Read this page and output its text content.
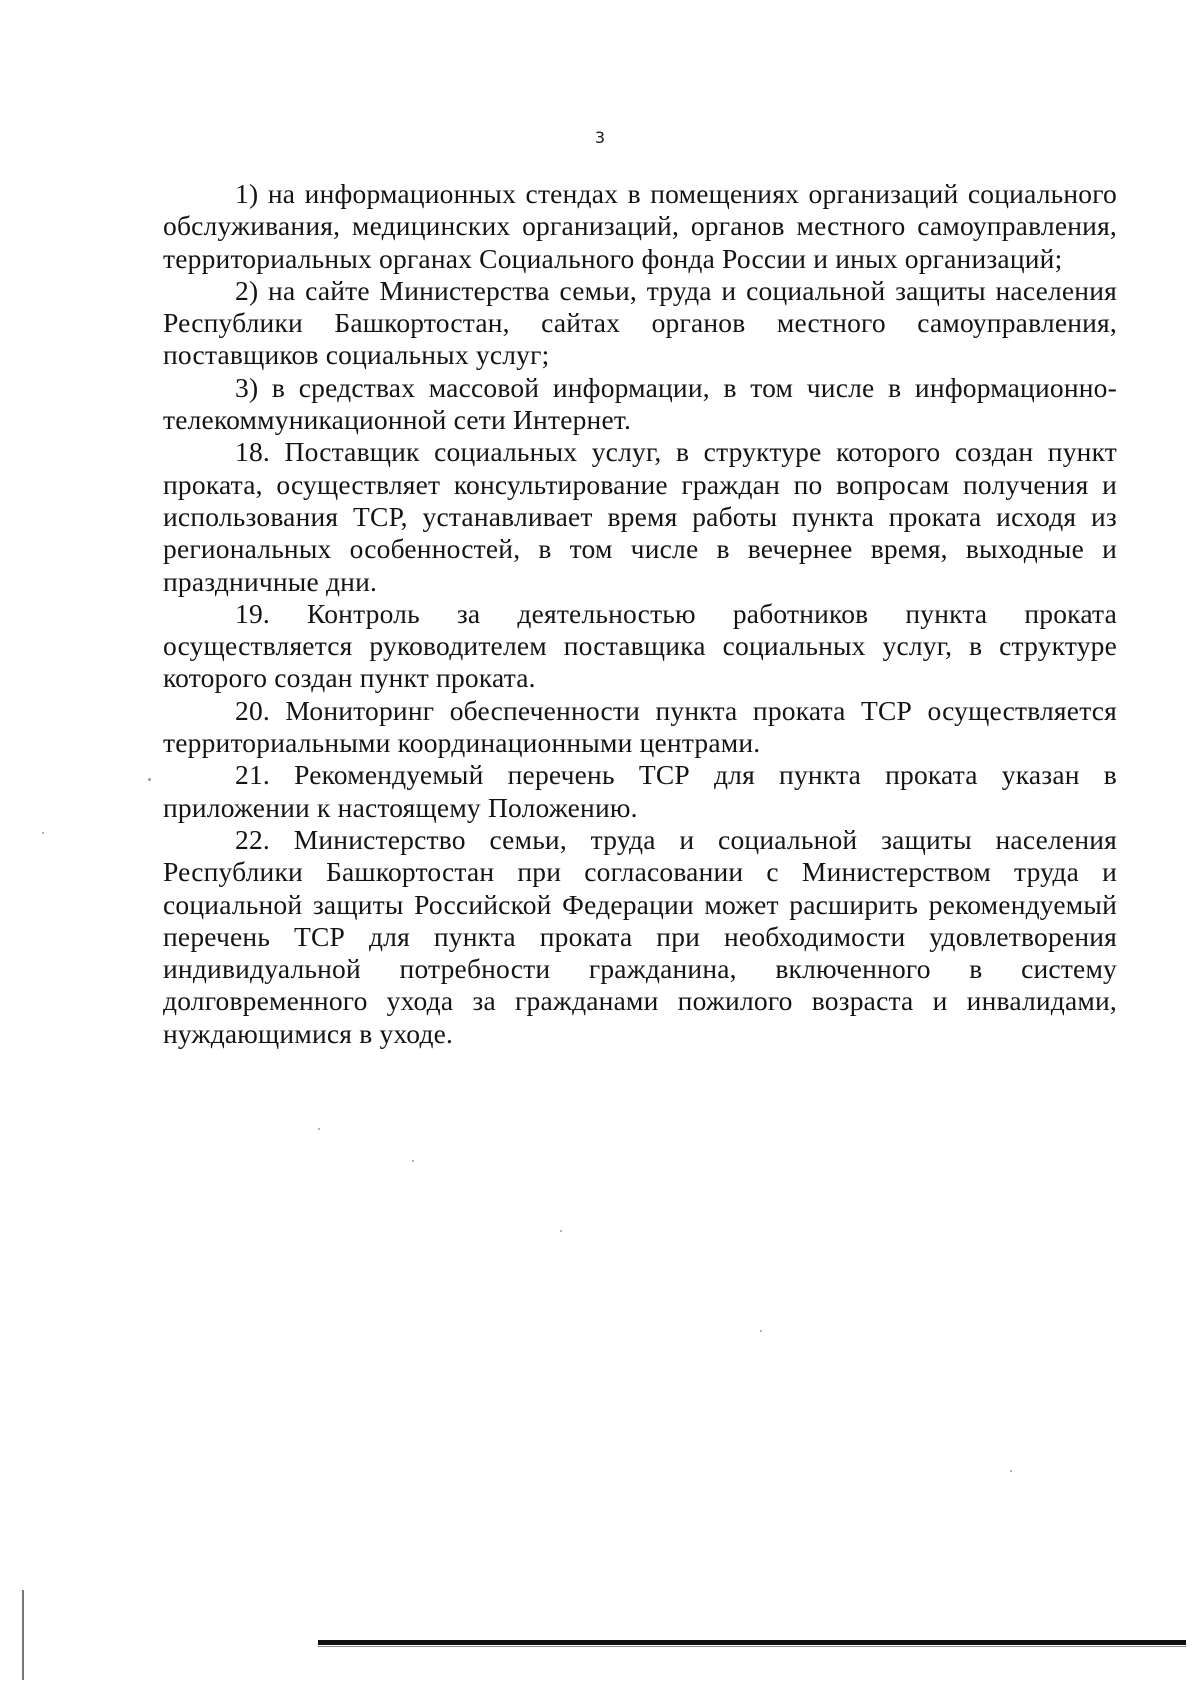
3

1) на информационных стендах в помещениях организаций социального обслуживания, медицинских организаций, органов местного самоуправления, территориальных органах Социального фонда России и иных организаций;

2) на сайте Министерства семьи, труда и социальной защиты населения Республики Башкортостан, сайтах органов местного самоуправления, поставщиков социальных услуг;

3) в средствах массовой информации, в том числе в информационно-телекоммуникационной сети Интернет.

18. Поставщик социальных услуг, в структуре которого создан пункт проката, осуществляет консультирование граждан по вопросам получения и использования ТСР, устанавливает время работы пункта проката исходя из региональных особенностей, в том числе в вечернее время, выходные и праздничные дни.

19. Контроль за деятельностью работников пункта проката осуществляется руководителем поставщика социальных услуг, в структуре которого создан пункт проката.

20. Мониторинг обеспеченности пункта проката ТСР осуществляется территориальными координационными центрами.

21. Рекомендуемый перечень ТСР для пункта проката указан в приложении к настоящему Положению.

22. Министерство семьи, труда и социальной защиты населения Республики Башкортостан при согласовании с Министерством труда и социальной защиты Российской Федерации может расширить рекомендуемый перечень ТСР для пункта проката при необходимости удовлетворения индивидуальной потребности гражданина, включенного в систему долговременного ухода за гражданами пожилого возраста и инвалидами, нуждающимися в уходе.
